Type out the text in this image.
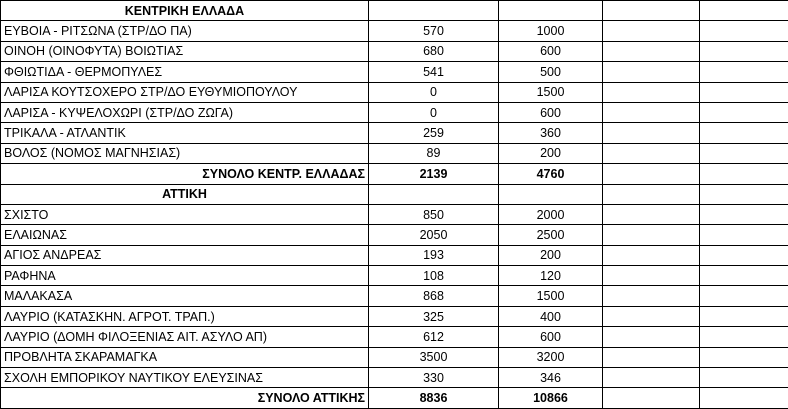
ΚΕΝΤΡΙΚΗ ΕΛΛΑΔΑ				
ΕΥΒΟΙΑ - ΡΙΤΣΩΝΑ (ΣΤΡ/ΔΟ ΠΑ)	570	1000		
ΟΙΝΟΗ (ΟΙΝΟΦΥΤΑ) ΒΟΙΩΤΙΑΣ	680	600		
ΦΘΙΩΤΙΔΑ - ΘΕΡΜΟΠΥΛΕΣ	541	500		
ΛΑΡΙΣΑ ΚΟΥΤΣΟΧΕΡΟ ΣΤΡ/ΔΟ ΕΥΘΥΜΙΟΠΟΥΛΟΥ	0	1500		
ΛΑΡΙΣΑ - ΚΥΨΕΛΟΧΩΡΙ (ΣΤΡ/ΔΟ ΖΩΓΑ)	0	600		
ΤΡΙΚΑΛΑ - ΑΤΛΑΝΤΙΚ	259	360		
ΒΟΛΟΣ (ΝΟΜΟΣ ΜΑΓΝΗΣΙΑΣ)	89	200		
ΣΥΝΟΛΟ ΚΕΝΤΡ. ΕΛΛΑΔΑΣ	2139	4760		
ΑΤΤΙΚΗ				
ΣΧΙΣΤΟ	850	2000		
ΕΛΑΙΩΝΑΣ	2050	2500		
ΑΓΙΟΣ ΑΝΔΡΕΑΣ	193	200		
ΡΑΦΗΝΑ	108	120		
ΜΑΛΑΚΑΣΑ	868	1500		
ΛΑΥΡΙΟ (ΚΑΤΑΣΚΗΝ. ΑΓΡΟΤ. ΤΡΑΠ.)	325	400		
ΛΑΥΡΙΟ (ΔΟΜΗ ΦΙΛΟΞΕΝΙΑΣ ΑΙΤ. ΑΣΥΛΟ ΑΠ)	612	600		
ΠΡΟΒΛΗΤΑ ΣΚΑΡΑΜΑΓΚΑ	3500	3200		
ΣΧΟΛΗ ΕΜΠΟΡΙΚΟΥ ΝΑΥΤΙΚΟΥ ΕΛΕΥΣΙΝΑΣ	330	346		
ΣΥΝΟΛΟ ΑΤΤΙΚΗΣ	8836	10866		
